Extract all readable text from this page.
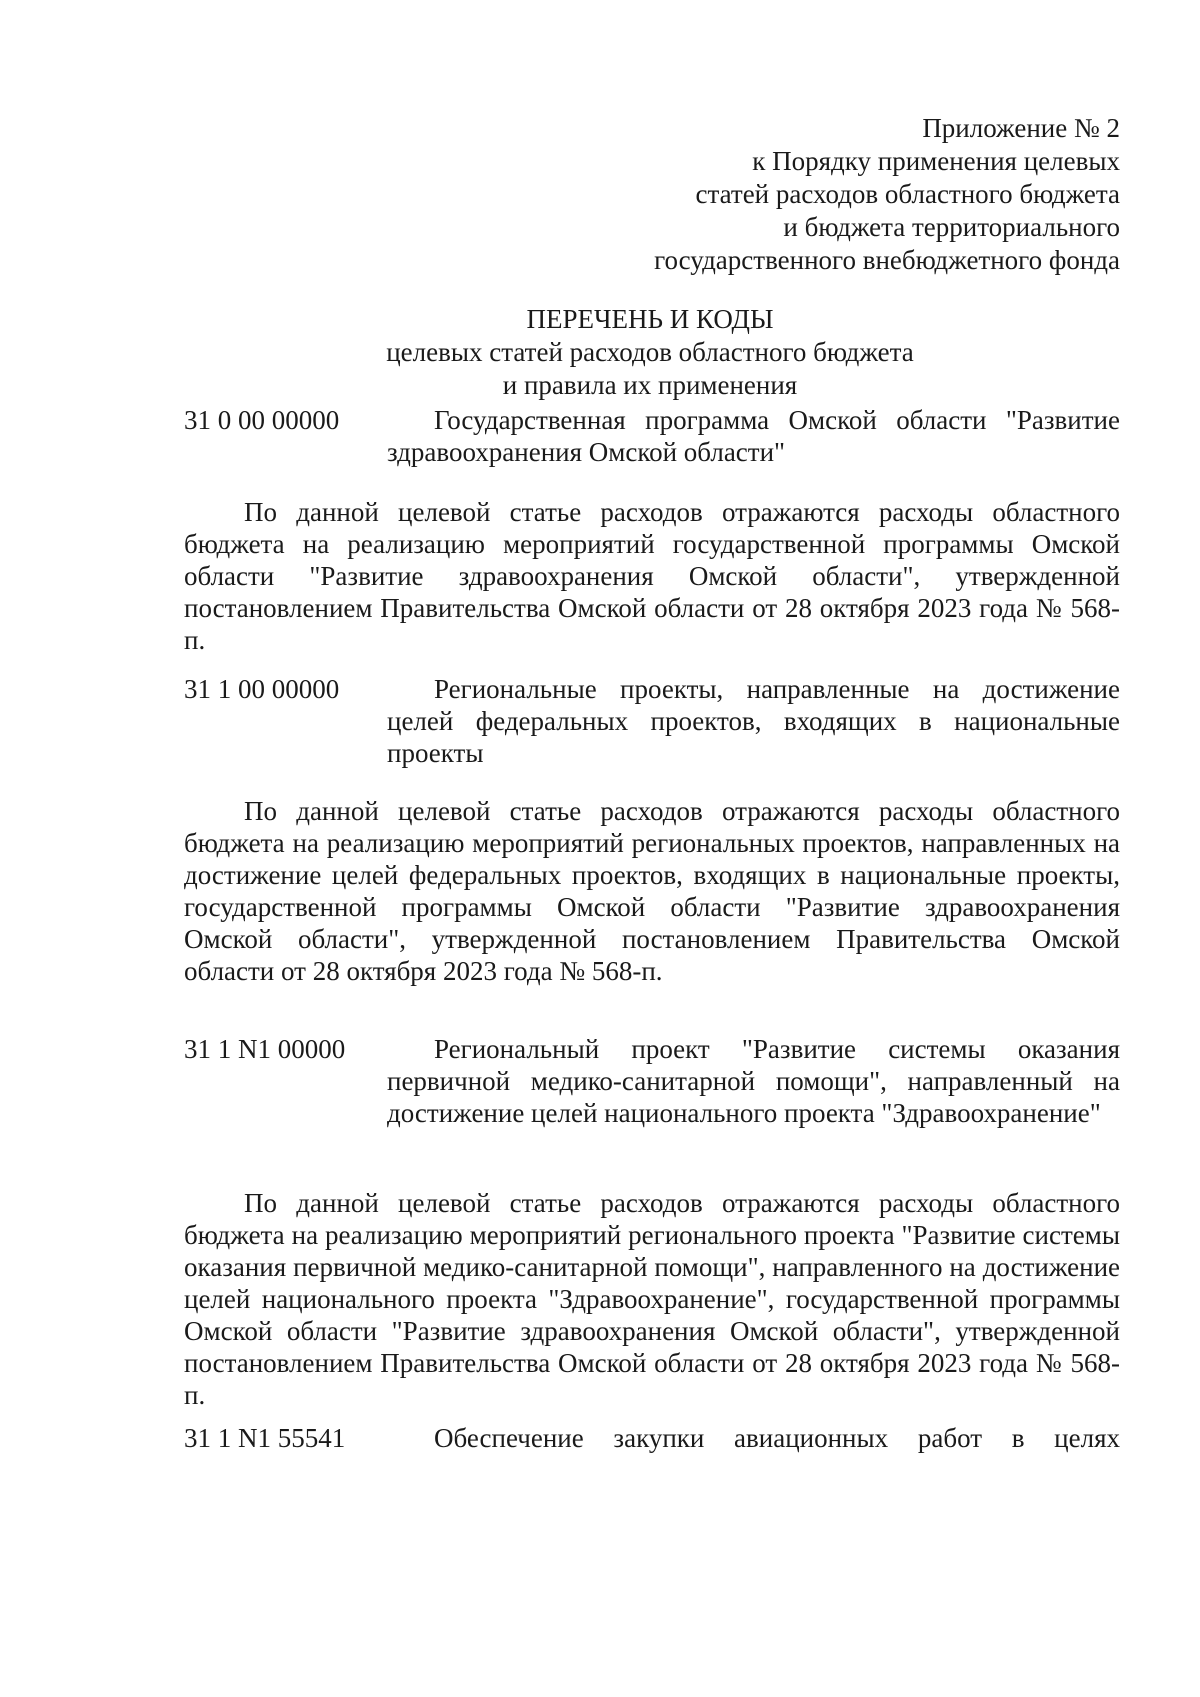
Приложение № 2
к Порядку применения целевых
статей расходов областного бюджета
и бюджета территориального
государственного внебюджетного фонда
ПЕРЕЧЕНЬ И КОДЫ
целевых статей расходов областного бюджета
и правила их применения
31 0 00 00000	Государственная программа Омской области "Развитие здравоохранения Омской области"
По данной целевой статье расходов отражаются расходы областного бюджета на реализацию мероприятий государственной программы Омской области "Развитие здравоохранения Омской области", утвержденной постановлением Правительства Омской области от 28 октября 2023 года № 568-п.
31 1 00 00000	Региональные проекты, направленные на достижение целей федеральных проектов, входящих в национальные проекты
По данной целевой статье расходов отражаются расходы областного бюджета на реализацию мероприятий региональных проектов, направленных на достижение целей федеральных проектов, входящих в национальные проекты, государственной программы Омской области "Развитие здравоохранения Омской области", утвержденной постановлением Правительства Омской области от 28 октября 2023 года № 568-п.
31 1 N1 00000	Региональный проект "Развитие системы оказания первичной медико-санитарной помощи", направленный на достижение целей национального проекта "Здравоохранение"
По данной целевой статье расходов отражаются расходы областного бюджета на реализацию мероприятий регионального проекта "Развитие системы оказания первичной медико-санитарной помощи", направленного на достижение целей национального проекта "Здравоохранение", государственной программы Омской области "Развитие здравоохранения Омской области", утвержденной постановлением Правительства Омской области от 28 октября 2023 года № 568-п.
31 1 N1 55541	Обеспечение закупки авиационных работ в целях
